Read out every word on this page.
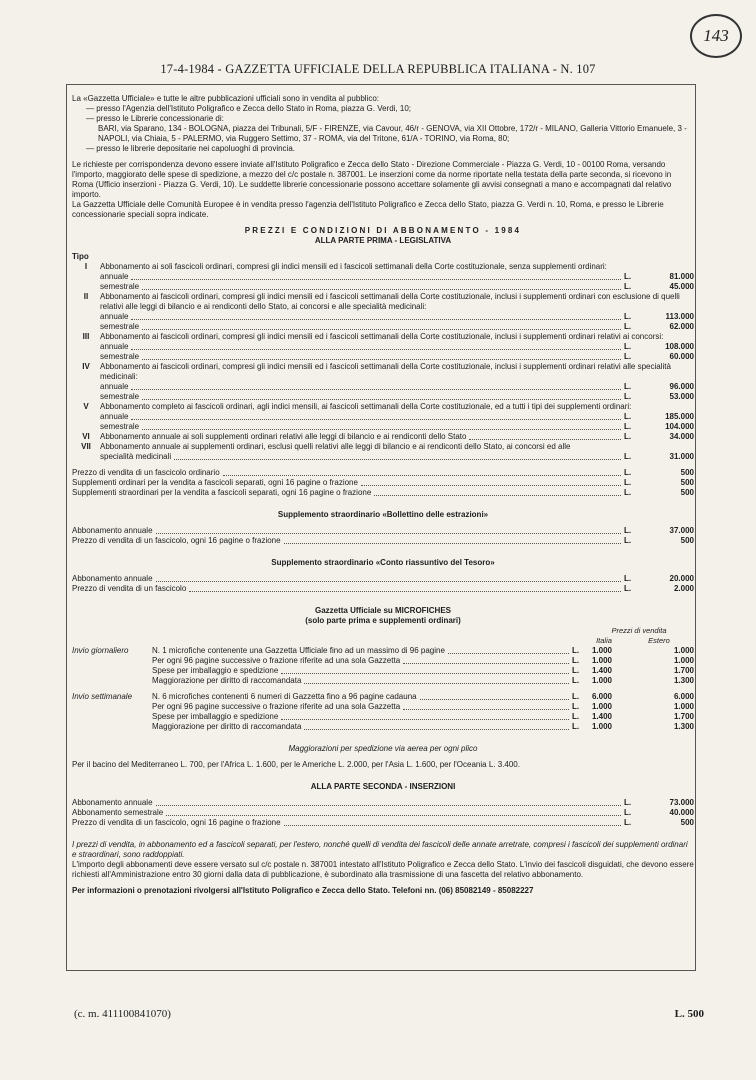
143
17-4-1984 - GAZZETTA UFFICIALE DELLA REPUBBLICA ITALIANA - N. 107

La «Gazzetta Ufficiale» e tutte le altre pubblicazioni ufficiali sono in vendita al pubblico:

— presso l'Agenzia dell'Istituto Poligrafico e Zecca dello Stato in Roma, piazza G. Verdi, 10;

— presso le Librerie concessionarie di:

BARI, via Sparano, 134 - BOLOGNA, piazza dei Tribunali, 5/F - FIRENZE, via Cavour, 46/r - GENOVA, via XII Ottobre, 172/r - MILANO, Galleria Vittorio Emanuele, 3 - NAPOLI, via Chiaia, 5 - PALERMO, via Ruggero Settimo, 37 - ROMA, via del Tritone, 61/A - TORINO, via Roma, 80;

— presso le librerie depositarie nei capoluoghi di provincia.

Le richieste per corrispondenza devono essere inviate all'Istituto Poligrafico e Zecca dello Stato - Direzione Commerciale - Piazza G. Verdi, 10 - 00100 Roma, versando l'importo, maggiorato delle spese di spedizione, a mezzo del c/c postale n. 387001. Le inserzioni come da norme riportate nella testata della parte seconda, si ricevono in Roma (Ufficio inserzioni - Piazza G. Verdi, 10). Le suddette librerie concessionarie possono accettare solamente gli avvisi consegnati a mano e accompagnati dal relativo importo.

La Gazzetta Ufficiale delle Comunità Europee è in vendita presso l'agenzia dell'Istituto Poligrafico e Zecca dello Stato, piazza G. Verdi n. 10, Roma, e presso le Librerie concessionarie speciali sopra indicate.

PREZZI E CONDIZIONI DI ABBONAMENTO - 1984

ALLA PARTE PRIMA - LEGISLATIVA

Tipo

I	Abbonamento ai soli fascicoli ordinari, compresi gli indici mensili ed i fascicoli settimanali della Corte costituzionale, senza supplementi ordinari:

annuale	L.	81.000
semestrale	L.	45.000
II	Abbonamento ai fascicoli ordinari, compresi gli indici mensili ed i fascicoli settimanali della Corte costituzionale, inclusi i supplementi ordinari con esclusione di quelli relativi alle leggi di bilancio e ai rendiconti dello Stato, ai concorsi e alle specialità medicinali:

annuale	L.	113.000
semestrale	L.	62.000
III	Abbonamento ai fascicoli ordinari, compresi gli indici mensili ed i fascicoli settimanali della Corte costituzionale, inclusi i supplementi ordinari relativi ai concorsi:

annuale	L.	108.000
semestrale	L.	60.000
IV	Abbonamento ai fascicoli ordinari, compresi gli indici mensili ed i fascicoli settimanali della Corte costituzionale, inclusi i supplementi ordinari relativi alle specialità medicinali:

annuale	L.	96.000
semestrale	L.	53.000
V	Abbonamento completo ai fascicoli ordinari, agli indici mensili, ai fascicoli settimanali della Corte costituzionale, ed a tutti i tipi dei supplementi ordinari:

annuale	L.	185.000
semestrale	L.	104.000
VI	Abbonamento annuale ai soli supplementi ordinari relativi alle leggi di bilancio e ai rendiconti dello Stato	L.	34.000
VII	Abbonamento annuale ai supplementi ordinari, esclusi quelli relativi alle leggi di bilancio e ai rendiconti dello Stato, ai concorsi ed alle

specialità medicinali	L.	31.000
Prezzo di vendita di un fascicolo ordinario	L.	500
Supplementi ordinari per la vendita a fascicoli separati, ogni 16 pagine o frazione	L.	500
Supplementi straordinari per la vendita a fascicoli separati, ogni 16 pagine o frazione	L.	500

Supplemento straordinario «Bollettino delle estrazioni»

Abbonamento annuale	L.	37.000
Prezzo di vendita di un fascicolo, ogni 16 pagine o frazione	L.	500

Supplemento straordinario «Conto riassuntivo del Tesoro»

Abbonamento annuale	L.	20.000
Prezzo di vendita di un fascicolo	L.	2.000

Gazzetta Ufficiale su MICROFICHES

(solo parte prima e supplementi ordinari)

Prezzi di vendita
Italia	Estero
Invio giornaliero	N. 1 microfiche contenente una Gazzetta Ufficiale fino ad un massimo di 96 pagine	L.	1.000	1.000
Per ogni 96 pagine successive o frazione riferite ad una sola Gazzetta	L.	1.000	1.000
Spese per imballaggio e spedizione	L.	1.400	1.700
Maggiorazione per diritto di raccomandata	L.	1.000	1.300
Invio settimanale	N. 6 microfiches contenenti 6 numeri di Gazzetta fino a 96 pagine cadauna	L.	6.000	6.000
Per ogni 96 pagine successive o frazione riferite ad una sola Gazzetta	L.	1.000	1.000
Spese per imballaggio e spedizione	L.	1.400	1.700
Maggiorazione per diritto di raccomandata	L.	1.000	1.300

Maggiorazioni per spedizione via aerea per ogni plico

Per il bacino del Mediterraneo L. 700, per l'Africa L. 1.600, per le Americhe L. 2.000, per l'Asia L. 1.600, per l'Oceania L. 3.400.

ALLA PARTE SECONDA - INSERZIONI

Abbonamento annuale	L.	73.000
Abbonamento semestrale	L.	40.000
Prezzo di vendita di un fascicolo, ogni 16 pagine o frazione	L.	500

I prezzi di vendita, in abbonamento ed a fascicoli separati, per l'estero, nonché quelli di vendita dei fascicoli delle annate arretrate, compresi i fascicoli dei supplementi ordinari e straordinari, sono raddoppiati.

L'importo degli abbonamenti deve essere versato sul c/c postale n. 387001 intestato all'Istituto Poligrafico e Zecca dello Stato. L'invio dei fascicoli disguidati, che devono essere richiesti all'Amministrazione entro 30 giorni dalla data di pubblicazione, è subordinato alla trasmissione di una fascetta del relativo abbonamento.

Per informazioni o prenotazioni rivolgersi all'Istituto Poligrafico e Zecca dello Stato. Telefoni nn. (06) 85082149 - 85082227

(c. m. 411100841070)	L. 500
